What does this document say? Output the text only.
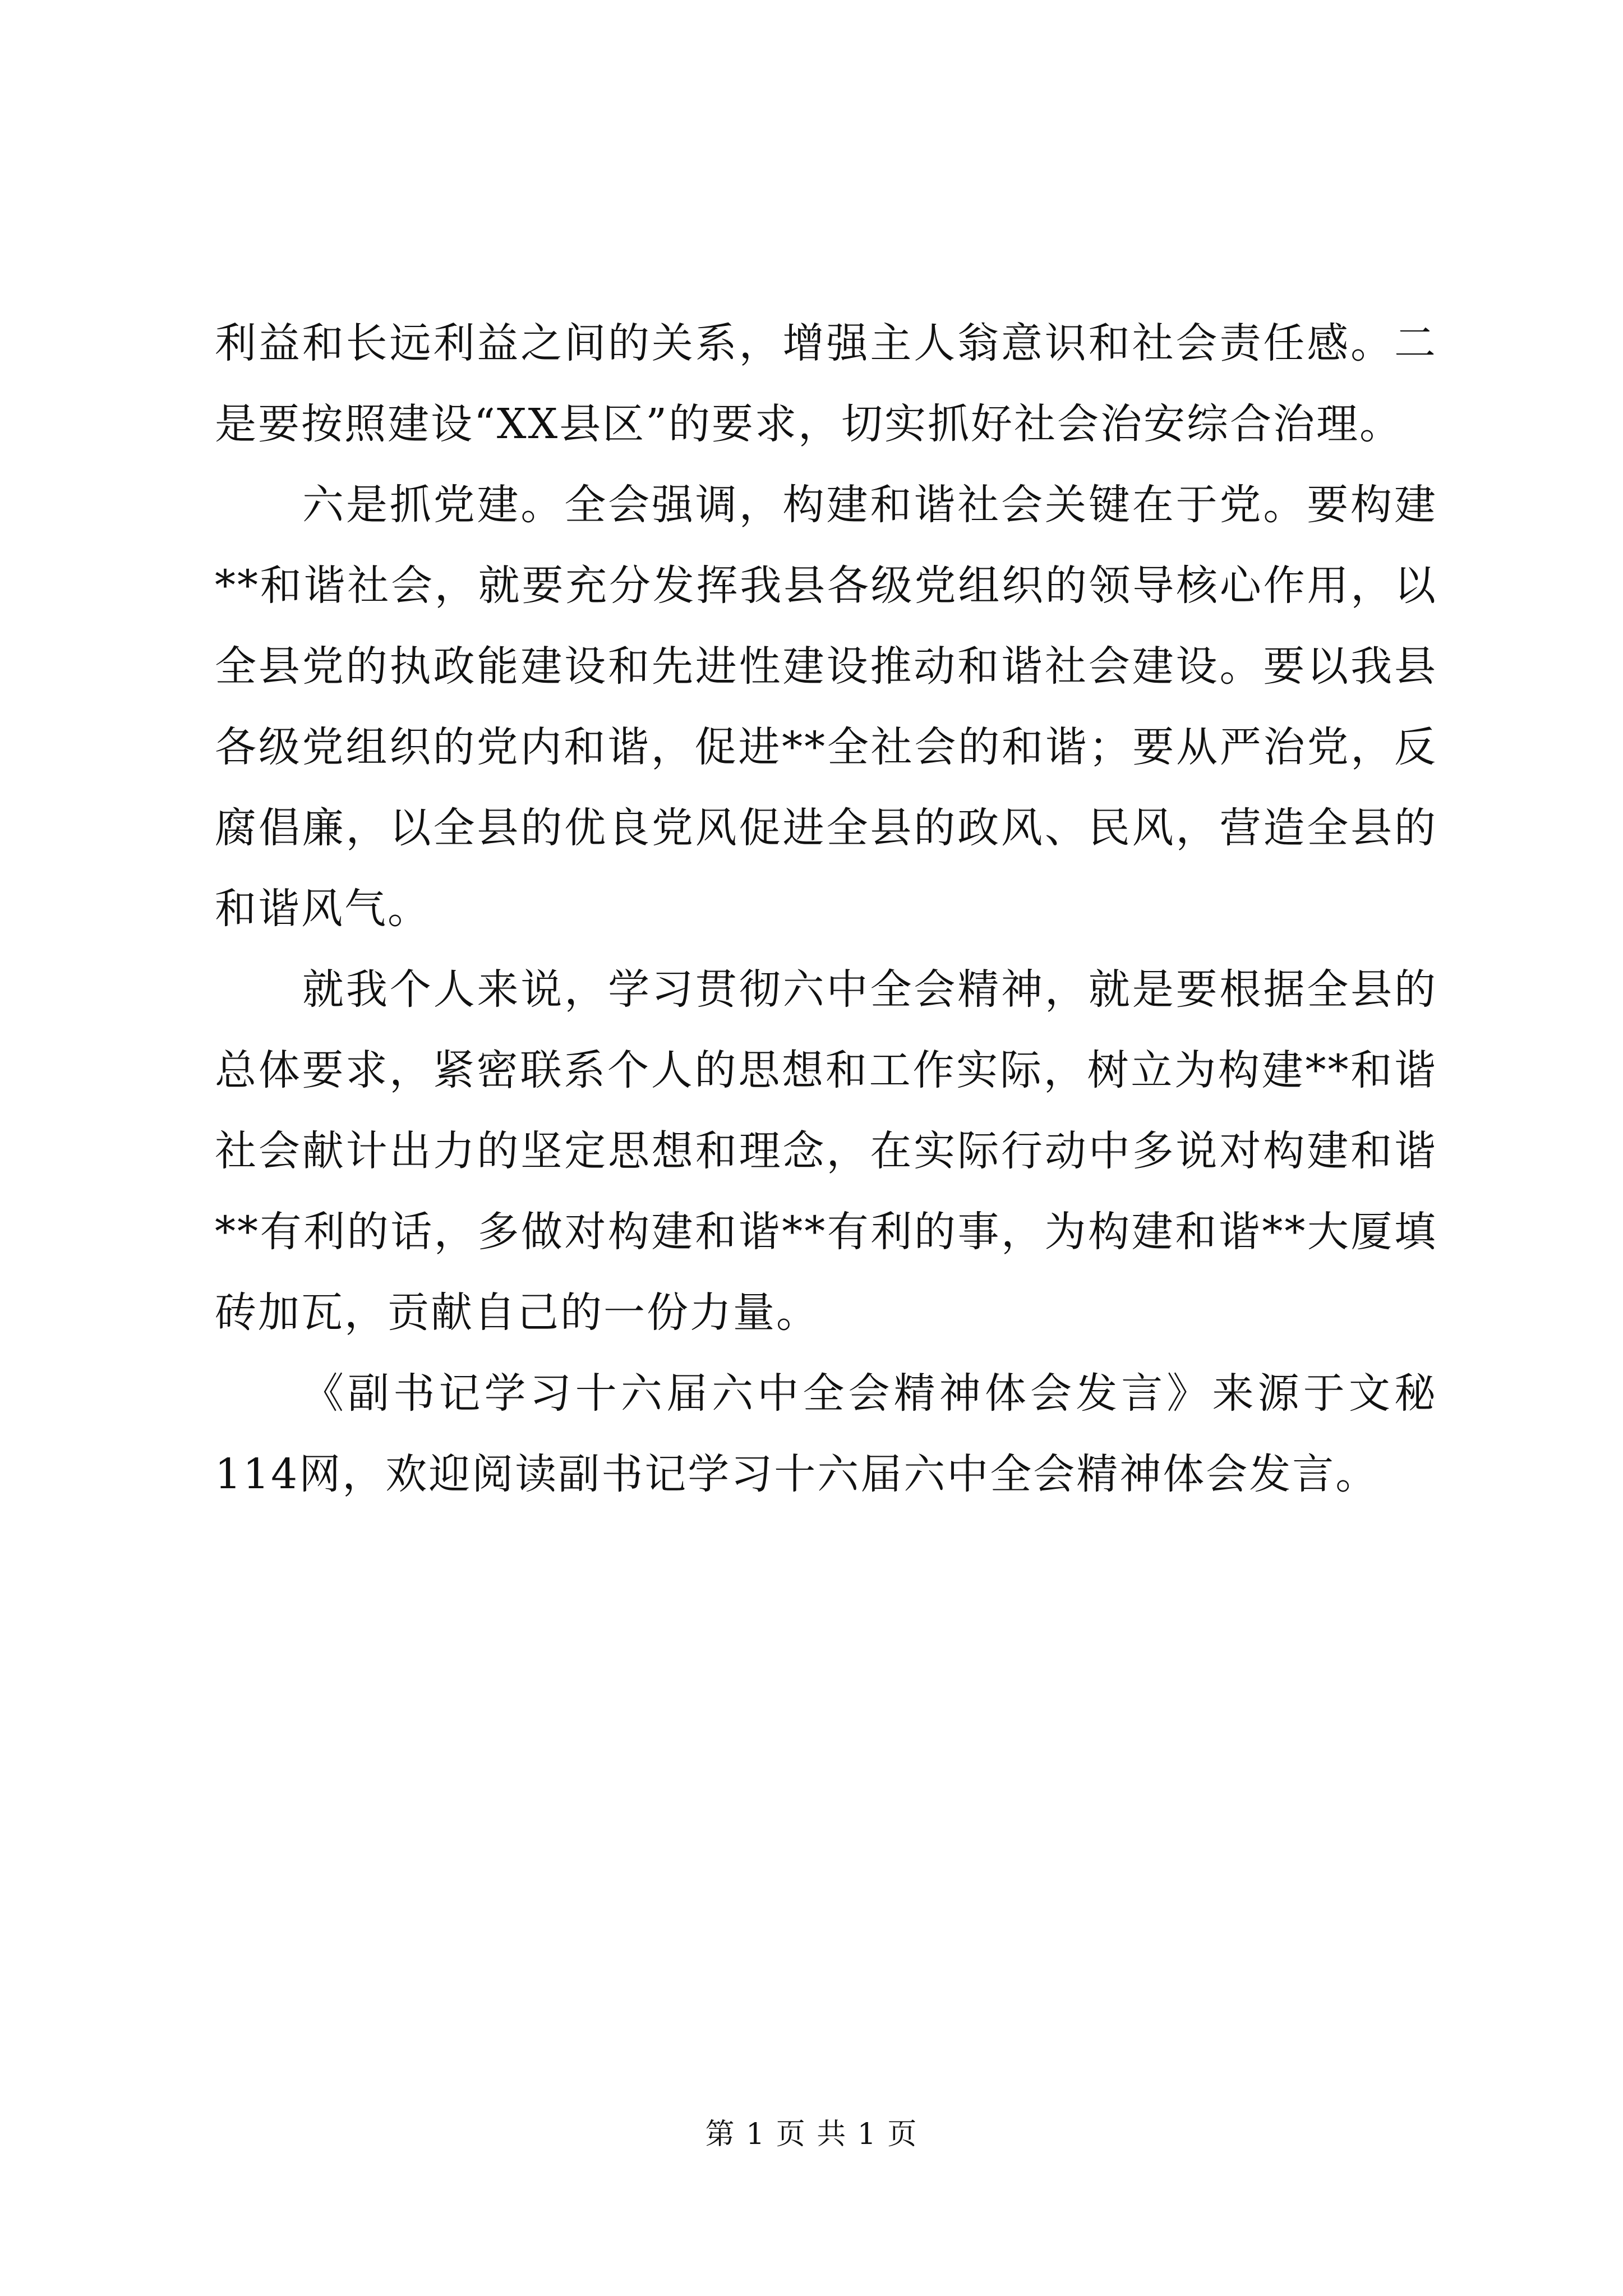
利益和长远利益之间的关系，增强主人翁意识和社会责任感。二是要按照建设“XX县区”的要求，切实抓好社会治安综合治理。

六是抓党建。全会强调，构建和谐社会关键在于党。要构建**和谐社会，就要充分发挥我县各级党组织的领导核心作用，以全县党的执政能建设和先进性建设推动和谐社会建设。要以我县各级党组织的党内和谐，促进**全社会的和谐；要从严治党，反腐倡廉，以全县的优良党风促进全县的政风、民风，营造全县的和谐风气。

就我个人来说，学习贯彻六中全会精神，就是要根据全县的总体要求，紧密联系个人的思想和工作实际，树立为构建**和谐社会献计出力的坚定思想和理念，在实际行动中多说对构建和谐**有利的话，多做对构建和谐**有利的事，为构建和谐**大厦填砖加瓦，贡献自己的一份力量。

《副书记学习十六届六中全会精神体会发言》来源于文秘114网，欢迎阅读副书记学习十六届六中全会精神体会发言。

第 1 页 共 1 页
